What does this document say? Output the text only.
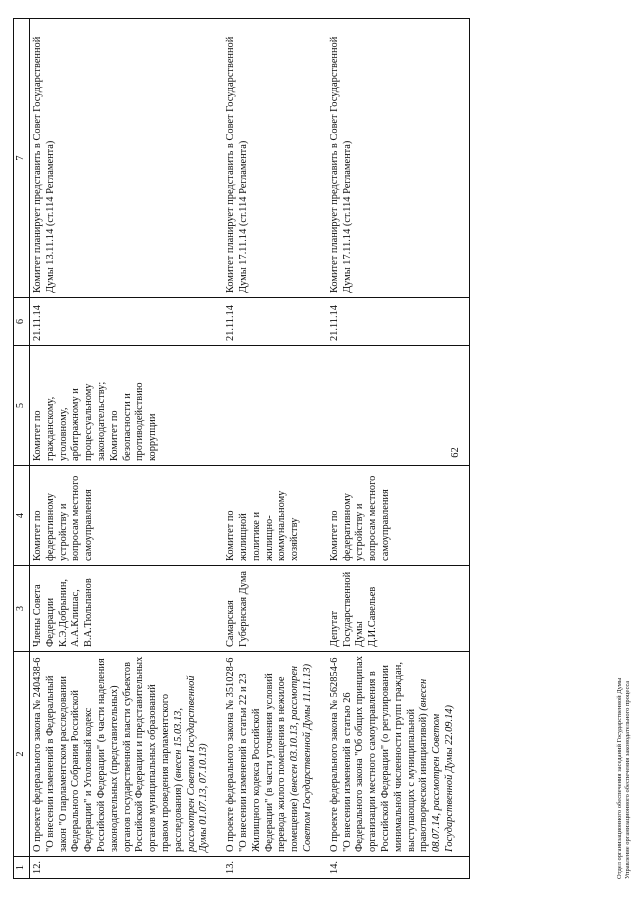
1	2	3	4	5	6	7
12.	О проекте федерального закона № 240438-6 "О внесении изменений в Федеральный закон "О парламентском расследовании Федерального Собрания Российской Федерации" и Уголовный кодекс Российской Федерации" (в части наделения законодательных (представительных) органов государственной власти субъектов Российской Федерации и представительных органов муниципальных образований правом проведения парламентского расследования) (внесен 15.03.13, рассмотрен Советом Государственной Думы 01.07.13, 07.10.13)	Члены Совета Федерации К.Э.Добрынин, А.А.Клишас, В.А.Тюльпанов	Комитет по федеративному устройству и вопросам местного самоуправления	Комитет по гражданскому, уголовному, арбитражному и процессуальному законодательству; Комитет по безопасности и противодействию коррупции	21.11.14	Комитет планирует представить в Совет Государственной Думы 13.11.14 (ст.114 Регламента)
13.	О проекте федерального закона № 351028-6 "О внесении изменений в статьи 22 и 23 Жилищного кодекса Российской Федерации" (в части уточнения условий перевода жилого помещения в нежилое помещение) (внесен 03.10.13, рассмотрен Советом Государственной Думы 11.11.13)	Самарская Губернская Дума	Комитет по жилищной политике и жилищно-коммунальному хозяйству		21.11.14	Комитет планирует представить в Совет Государственной Думы 17.11.14 (ст.114 Регламента)
14.	О проекте федерального закона № 562854-6 "О внесении изменений в статью 26 Федерального закона "Об общих принципах организации местного самоуправления в Российской Федерации" (о регулировании минимальной численности групп граждан, выступающих с муниципальной правотворческой инициативой) (внесен 08.07.14, рассмотрен Советом Государственной Думы 22.09.14)	Депутат Государственной Думы Д.И.Савельев	Комитет по федеративному устройству и вопросам местного самоуправления		21.11.14	Комитет планирует представить в Совет Государственной Думы 17.11.14 (ст.114 Регламента)
62
Отдел организационного обеспечения заседаний Государственной Думы Управление организационного обеспечения законодательного процесса
